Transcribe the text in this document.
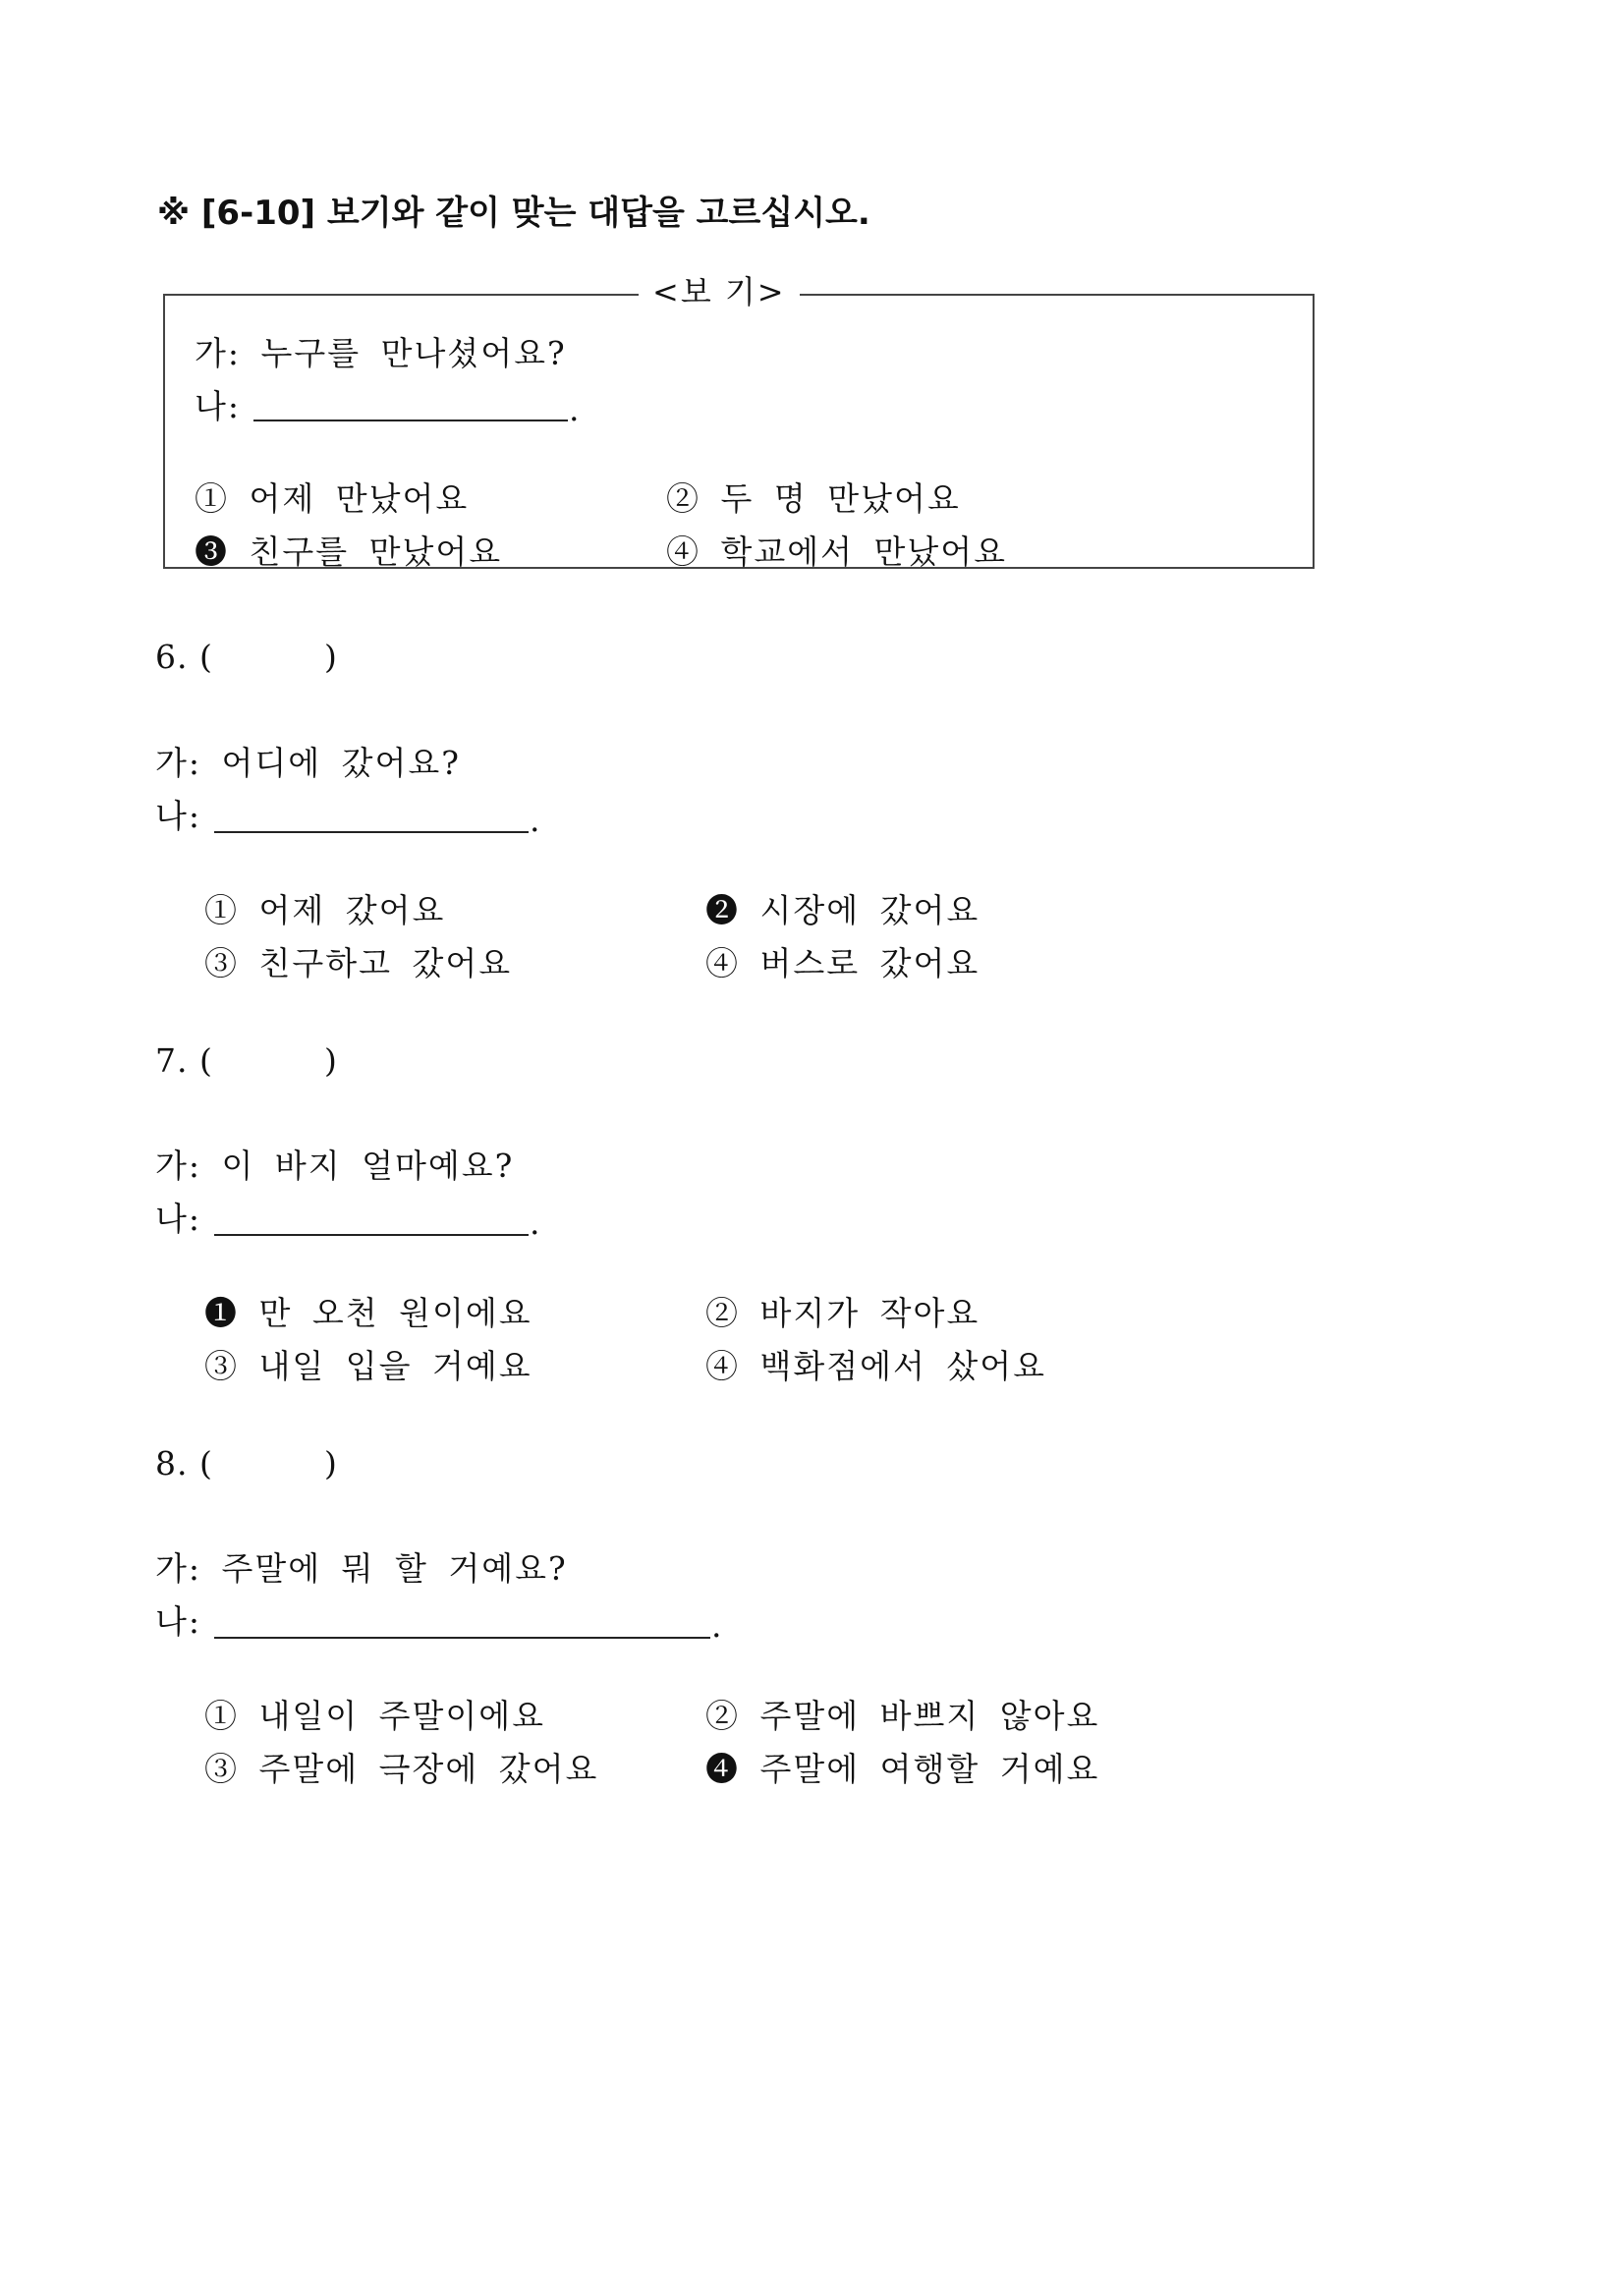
※ [6-10] 보기와 같이 맞는 대답을 고르십시오.
<보 기>
가: 누구를 만나셨어요?
나:	.
① 어제 만났어요	② 두 명 만났어요
❸ 친구를 만났어요	④ 학교에서 만났어요
6. (	)
가: 어디에 갔어요?
나:	.
① 어제 갔어요	❷ 시장에 갔어요
③ 친구하고 갔어요	④ 버스로 갔어요
7. (	)
가: 이 바지 얼마예요?
나:	.
❶ 만 오천 원이에요	② 바지가 작아요
③ 내일 입을 거예요	④ 백화점에서 샀어요
8. (	)
가: 주말에 뭐 할 거예요?
나:	.
① 내일이 주말이에요	② 주말에 바쁘지 않아요
③ 주말에 극장에 갔어요	❹ 주말에 여행할 거예요
